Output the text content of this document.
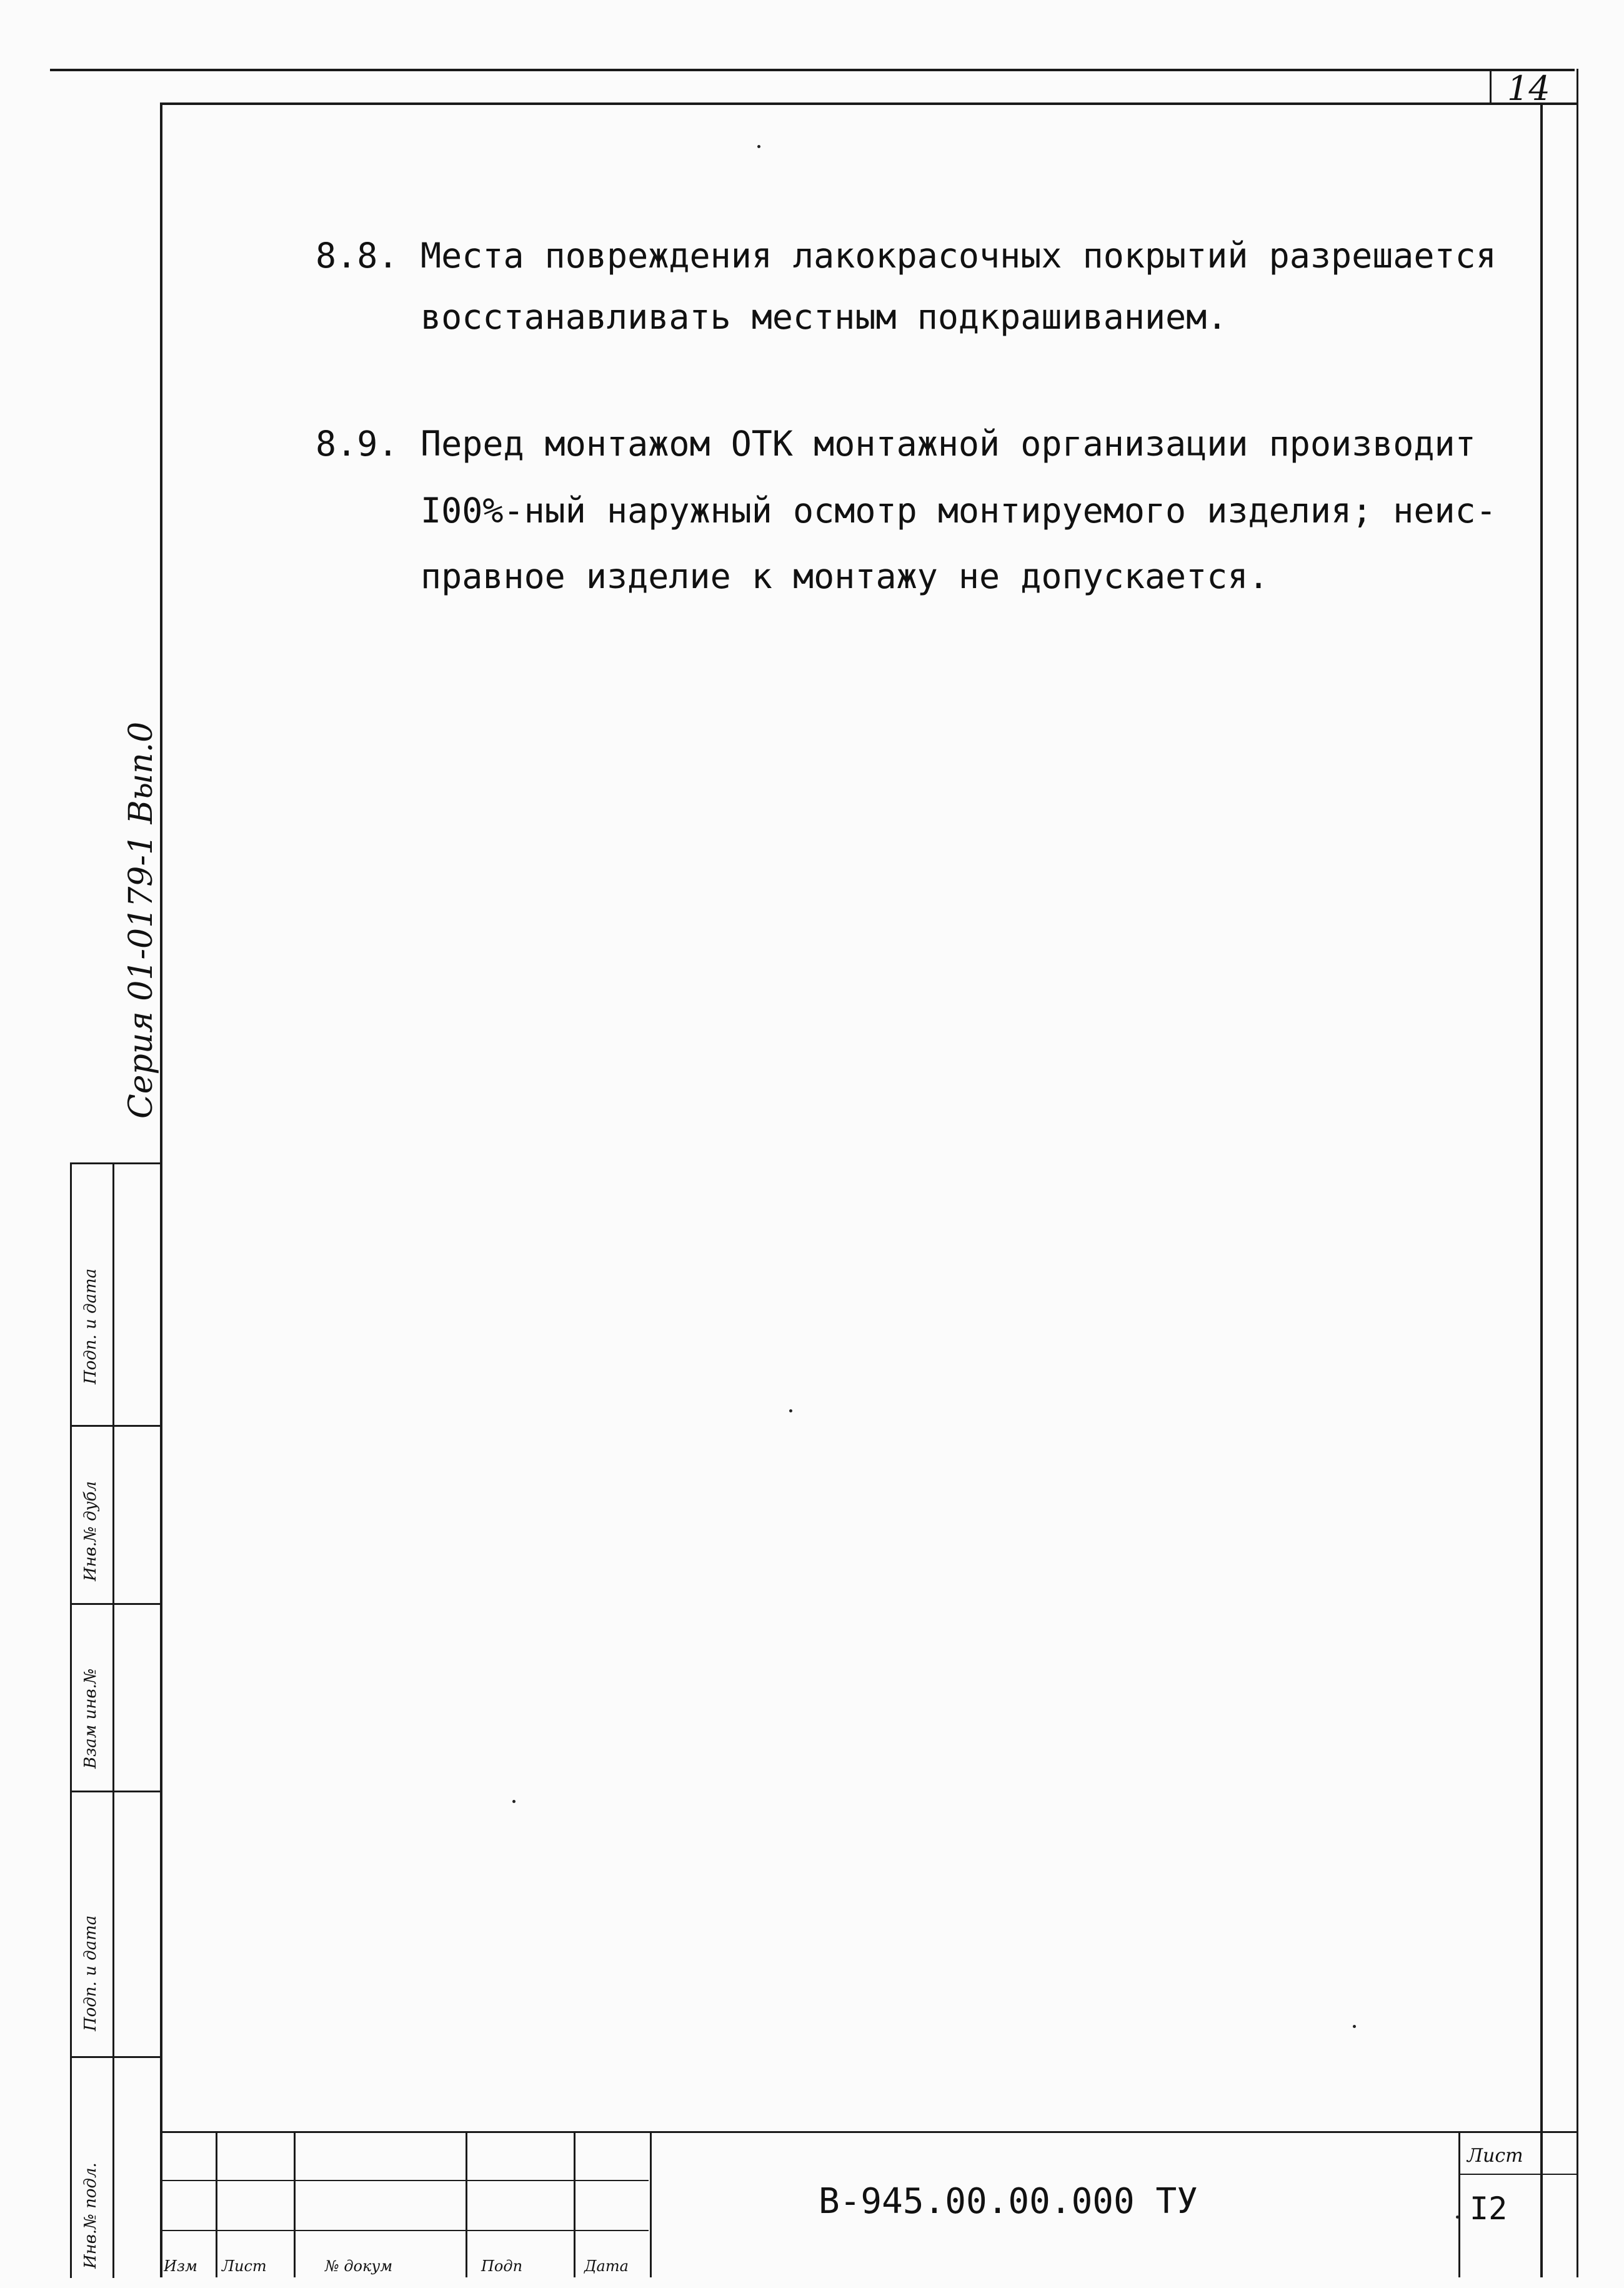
14
8.8. Места повреждения лакокрасочных покрытий разрешается
восстанавливать местным подкрашиванием.
8.9. Перед монтажом ОТК монтажной организации производит
I00%-ный наружный осмотр монтируемого изделия; неис-
правное изделие к монтажу не допускается.
Серия 01-0179-1 Вып.0
Подп. и дата
Инв.№ дубл
Взам инв.№
Подп. и дата
Инв.№ подл.	Изм Лист	№ докум	Подп	Дата
В-945.00.00.000 ТУ
Лист
I2
